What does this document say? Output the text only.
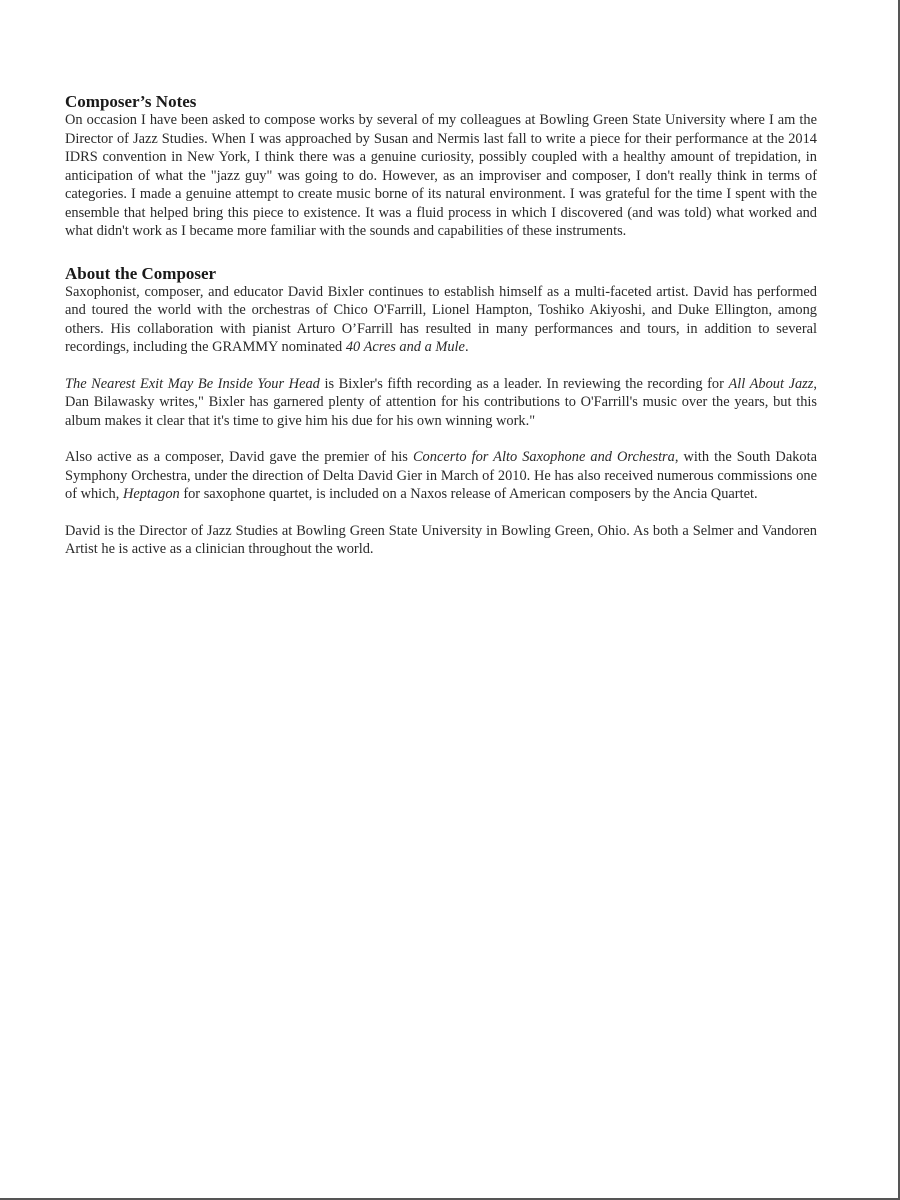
Composer’s Notes

On occasion I have been asked to compose works by several of my colleagues at Bowling Green State University where I am the Director of Jazz Studies. When I was approached by Susan and Nermis last fall to write a piece for their performance at the 2014 IDRS convention in New York, I think there was a genuine curiosity, possibly coupled with a healthy amount of trepidation, in anticipation of what the "jazz guy" was going to do. However, as an improviser and composer, I don't really think in terms of categories. I made a genuine attempt to create music borne of its natural environment. I was grateful for the time I spent with the ensemble that helped bring this piece to existence. It was a fluid process in which I discovered (and was told) what worked and what didn't work as I became more familiar with the sounds and capabilities of these instruments.

About the Composer

Saxophonist, composer, and educator David Bixler continues to establish himself as a multi-faceted artist. David has performed and toured the world with the orchestras of Chico O'Farrill, Lionel Hampton, Toshiko Akiyoshi, and Duke Ellington, among others. His collaboration with pianist Arturo O’Farrill has resulted in many performances and tours, in addition to several recordings, including the GRAMMY nominated 40 Acres and a Mule.

The Nearest Exit May Be Inside Your Head is Bixler's fifth recording as a leader. In reviewing the recording for All About Jazz, Dan Bilawasky writes," Bixler has garnered plenty of attention for his contributions to O'Farrill's music over the years, but this album makes it clear that it's time to give him his due for his own winning work."

Also active as a composer, David gave the premier of his Concerto for Alto Saxophone and Orchestra, with the South Dakota Symphony Orchestra, under the direction of Delta David Gier in March of 2010. He has also received numerous commissions one of which, Heptagon for saxophone quartet, is included on a Naxos release of American composers by the Ancia Quartet.

David is the Director of Jazz Studies at Bowling Green State University in Bowling Green, Ohio. As both a Selmer and Vandoren Artist he is active as a clinician throughout the world.
